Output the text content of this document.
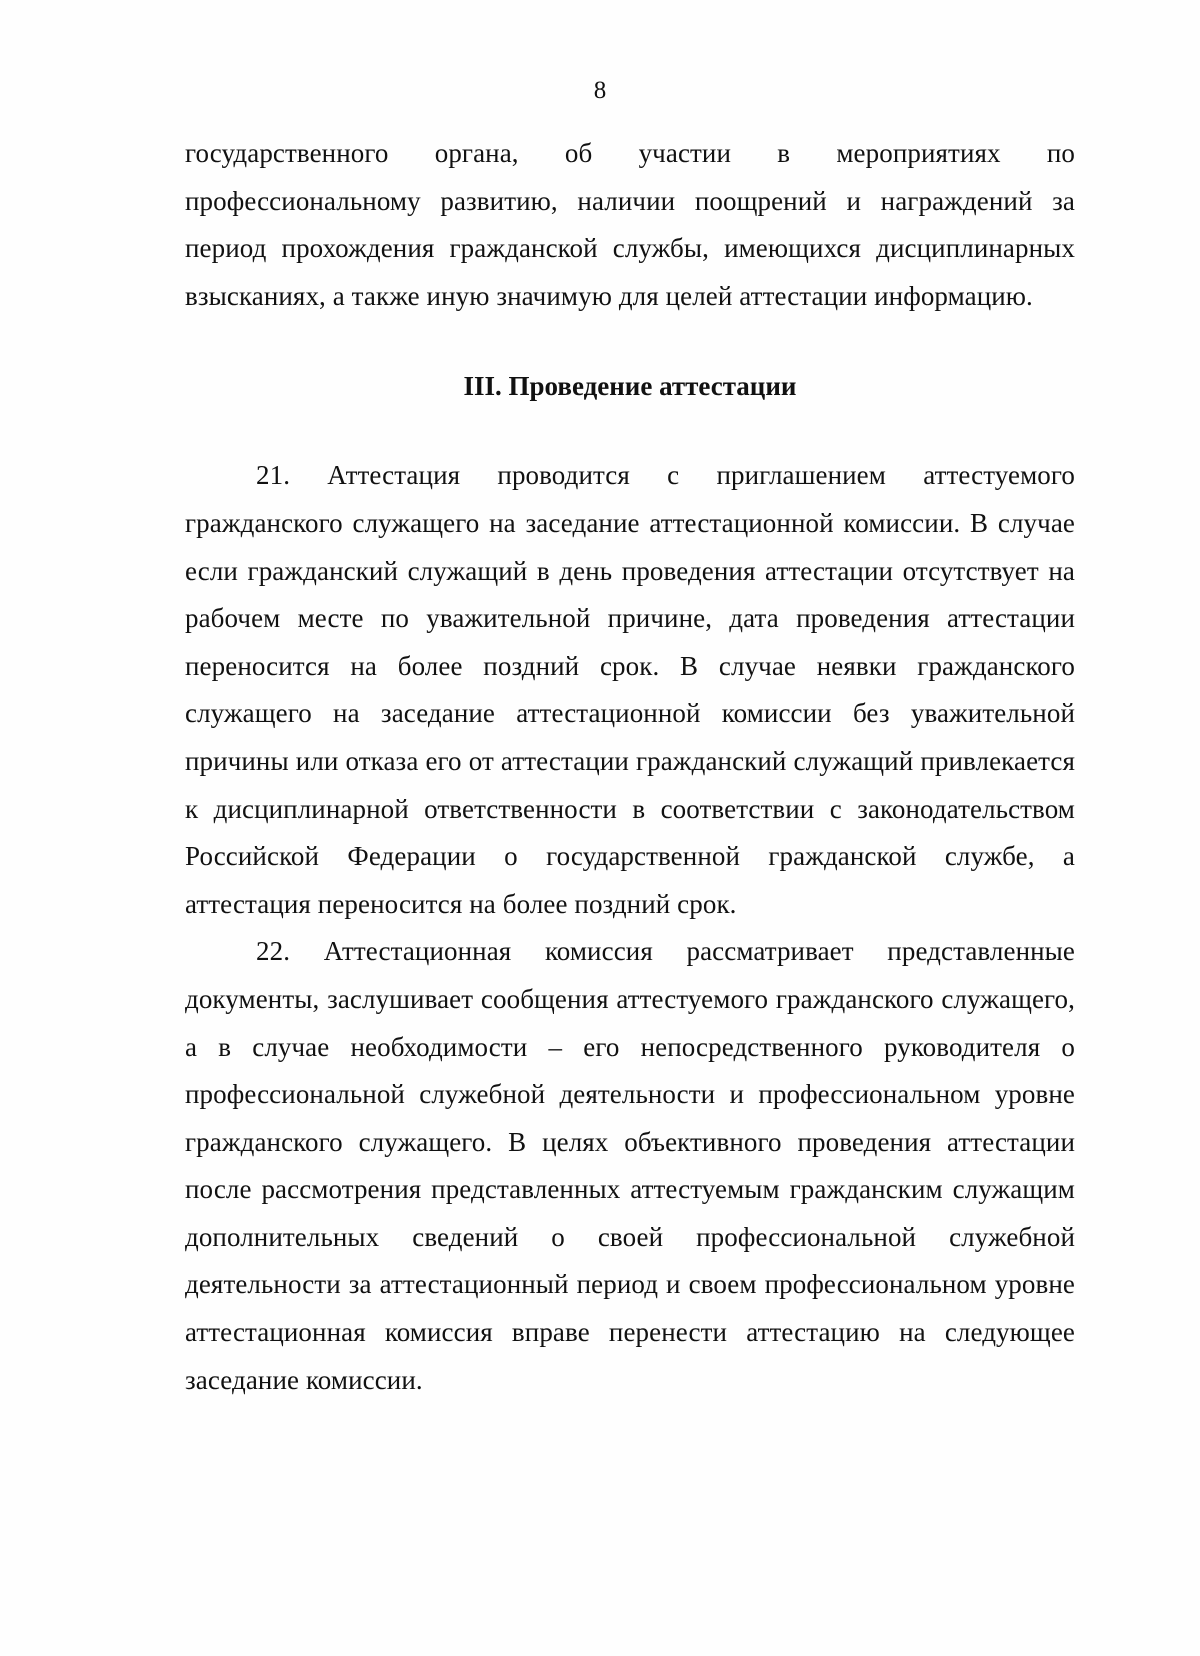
8

государственного органа, об участии в мероприятиях по профессиональному развитию, наличии поощрений и награждений за период прохождения гражданской службы, имеющихся дисциплинарных взысканиях, а также иную значимую для целей аттестации информацию.

III. Проведение аттестации

21. Аттестация проводится с приглашением аттестуемого гражданского служащего на заседание аттестационной комиссии. В случае если гражданский служащий в день проведения аттестации отсутствует на рабочем месте по уважительной причине, дата проведения аттестации переносится на более поздний срок. В случае неявки гражданского служащего на заседание аттестационной комиссии без уважительной причины или отказа его от аттестации гражданский служащий привлекается к дисциплинарной ответственности в соответствии с законодательством Российской Федерации о государственной гражданской службе, а аттестация переносится на более поздний срок.

22. Аттестационная комиссия рассматривает представленные документы, заслушивает сообщения аттестуемого гражданского служащего, а в случае необходимости – его непосредственного руководителя о профессиональной служебной деятельности и профессиональном уровне гражданского служащего. В целях объективного проведения аттестации после рассмотрения представленных аттестуемым гражданским служащим дополнительных сведений о своей профессиональной служебной деятельности за аттестационный период и своем профессиональном уровне аттестационная комиссия вправе перенести аттестацию на следующее заседание комиссии.
